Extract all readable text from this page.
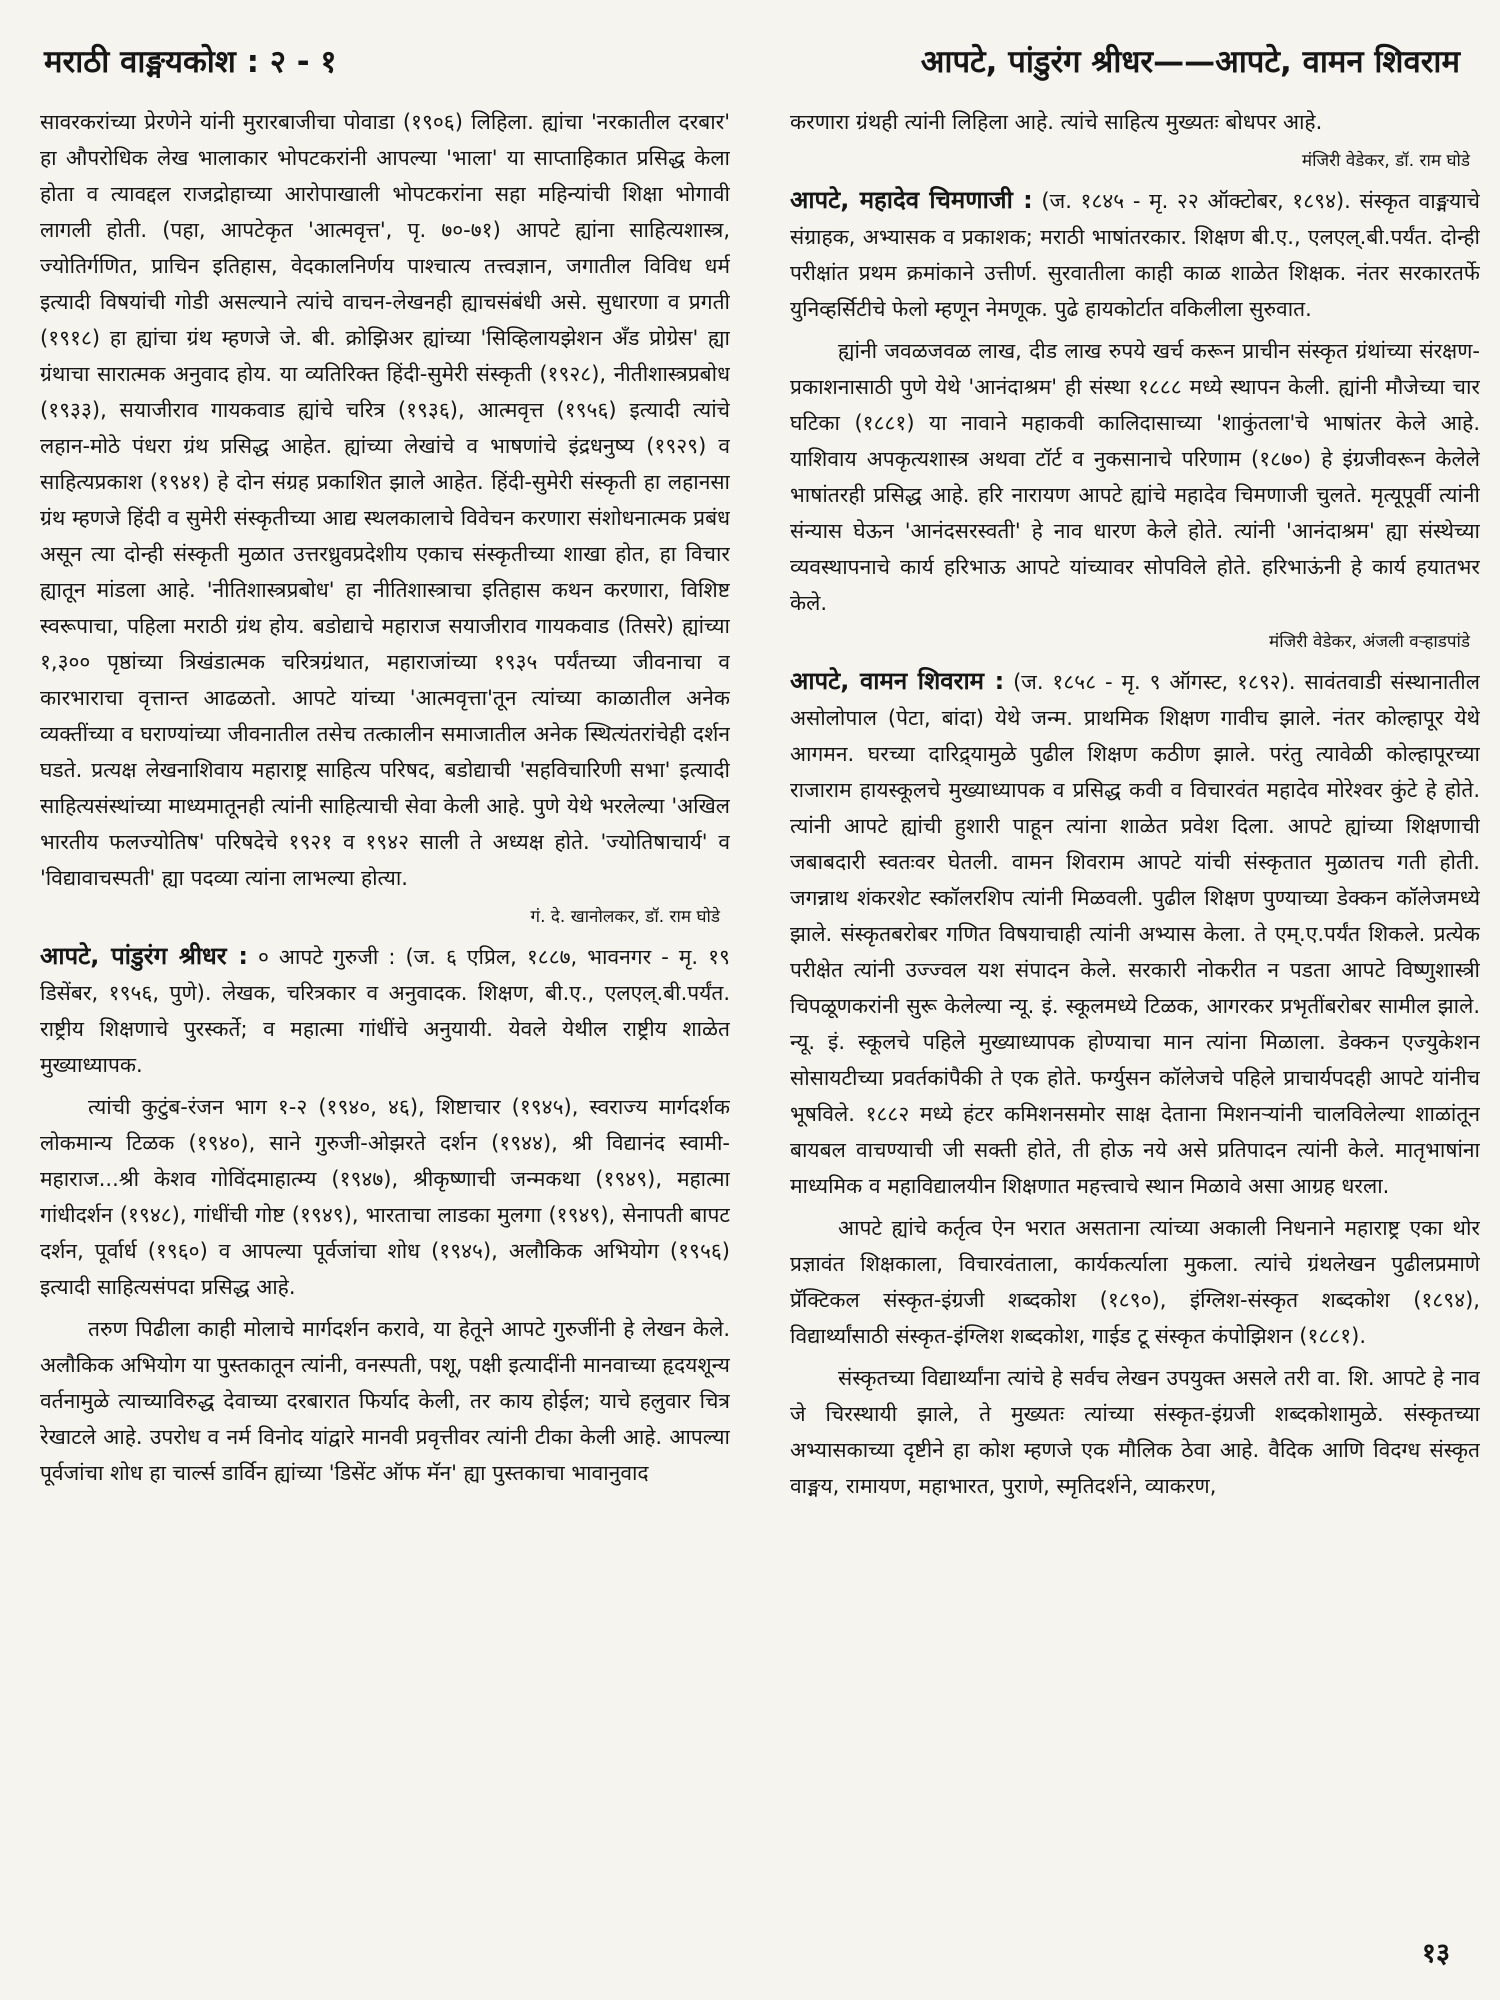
मराठी वाङ्मयकोश : २ - १	आपटे, पांडुरंग श्रीधर——आपटे, वामन शिवराम

सावरकरांच्या प्रेरणेने यांनी मुरारबाजीचा पोवाडा (१९०६) लिहिला. ह्यांचा 'नरकातील दरबार' हा औपरोधिक लेख भालाकार भोपटकरांनी आपल्या 'भाला' या साप्ताहिकात प्रसिद्ध केला होता व त्यावद्दल राजद्रोहाच्या आरोपाखाली भोपटकरांना सहा महिन्यांची शिक्षा भोगावी लागली होती. (पहा, आपटेकृत 'आत्मवृत्त', पृ. ७०-७१) आपटे ह्यांना साहित्यशास्त्र, ज्योतिर्गणित, प्राचिन इतिहास, वेदकालनिर्णय पाश्चात्य तत्त्वज्ञान, जगातील विविध धर्म इत्यादी विषयांची गोडी असल्याने त्यांचे वाचन-लेखनही ह्याचसंबंधी असे. सुधारणा व प्रगती (१९१८) हा ह्यांचा ग्रंथ म्हणजे जे. बी. क्रोझिअर ह्यांच्या 'सिव्हिलायझेशन ॲंड प्रोग्रेस' ह्या ग्रंथाचा सारात्मक अनुवाद होय. या व्यतिरिक्त हिंदी-सुमेरी संस्कृती (१९२८), नीतीशास्त्रप्रबोध (१९३३), सयाजीराव गायकवाड ह्यांचे चरित्र (१९३६), आत्मवृत्त (१९५६) इत्यादी त्यांचे लहान-मोठे पंधरा ग्रंथ प्रसिद्ध आहेत. ह्यांच्या लेखांचे व भाषणांचे इंद्रधनुष्य (१९२९) व साहित्यप्रकाश (१९४१) हे दोन संग्रह प्रकाशित झाले आहेत. हिंदी-सुमेरी संस्कृती हा लहानसा ग्रंथ म्हणजे हिंदी व सुमेरी संस्कृतीच्या आद्य स्थलकालाचे विवेचन करणारा संशोधनात्मक प्रबंध असून त्या दोन्ही संस्कृती मुळात उत्तरध्रुवप्रदेशीय एकाच संस्कृतीच्या शाखा होत, हा विचार ह्यातून मांडला आहे. 'नीतिशास्त्रप्रबोध' हा नीतिशास्त्राचा इतिहास कथन करणारा, विशिष्ट स्वरूपाचा, पहिला मराठी ग्रंथ होय. बडोद्याचे महाराज सयाजीराव गायकवाड (तिसरे) ह्यांच्या १,३०० पृष्ठांच्या त्रिखंडात्मक चरित्रग्रंथात, महाराजांच्या १९३५ पर्यंतच्या जीवनाचा व कारभाराचा वृत्तान्त आढळतो. आपटे यांच्या 'आत्मवृत्ता'तून त्यांच्या काळातील अनेक व्यक्तींच्या व घराण्यांच्या जीवनातील तसेच तत्कालीन समाजातील अनेक स्थित्यंतरांचेही दर्शन घडते. प्रत्यक्ष लेखनाशिवाय महाराष्ट्र साहित्य परिषद, बडोद्याची 'सहविचारिणी सभा' इत्यादी साहित्यसंस्थांच्या माध्यमातूनही त्यांनी साहित्याची सेवा केली आहे. पुणे येथे भरलेल्या 'अखिल भारतीय फलज्योतिष' परिषदेचे १९२१ व १९४२ साली ते अध्यक्ष होते. 'ज्योतिषाचार्य' व 'विद्यावाचस्पती' ह्या पदव्या त्यांना लाभल्या होत्या.

गं. दे. खानोलकर, डॉ. राम घोडे

आपटे, पांडुरंग श्रीधर : ० आपटे गुरुजी : (ज. ६ एप्रिल, १८८७, भावनगर - मृ. १९ डिसेंबर, १९५६, पुणे). लेखक, चरित्रकार व अनुवादक. शिक्षण, बी.ए., एलएल्.बी.पर्यंत. राष्ट्रीय शिक्षणाचे पुरस्कर्ते; व महात्मा गांधींचे अनुयायी. येवले येथील राष्ट्रीय शाळेत मुख्याध्यापक.

त्यांची कुटुंब-रंजन भाग १-२ (१९४०, ४६), शिष्टाचार (१९४५), स्वराज्य मार्गदर्शक लोकमान्य टिळक (१९४०), साने गुरुजी-ओझरते दर्शन (१९४४), श्री विद्यानंद स्वामी-महाराज...श्री केशव गोविंदमाहात्म्य (१९४७), श्रीकृष्णाची जन्मकथा (१९४९), महात्मा गांधीदर्शन (१९४८), गांधींची गोष्ट (१९४९), भारताचा लाडका मुलगा (१९४९), सेनापती बापट दर्शन, पूर्वार्ध (१९६०) व आपल्या पूर्वजांचा शोध (१९४५), अलौकिक अभियोग (१९५६) इत्यादी साहित्यसंपदा प्रसिद्ध आहे.

तरुण पिढीला काही मोलाचे मार्गदर्शन करावे, या हेतूने आपटे गुरुजींनी हे लेखन केले. अलौकिक अभियोग या पुस्तकातून त्यांनी, वनस्पती, पशू, पक्षी इत्यादींनी मानवाच्या हृदयशून्य वर्तनामुळे त्याच्याविरुद्ध देवाच्या दरबारात फिर्याद केली, तर काय होईल; याचे हलुवार चित्र रेखाटले आहे. उपरोध व नर्म विनोद यांद्वारे मानवी प्रवृत्तीवर त्यांनी टीका केली आहे. आपल्या पूर्वजांचा शोध हा चार्ल्स डार्विन ह्यांच्या 'डिसेंट ऑफ मॅन' ह्या पुस्तकाचा भावानुवाद

करणारा ग्रंथही त्यांनी लिहिला आहे. त्यांचे साहित्य मुख्यतः बोधपर आहे.

मंजिरी वेडेकर, डॉ. राम घोडे

आपटे, महादेव चिमणाजी : (ज. १८४५ - मृ. २२ ऑक्टोबर, १८९४). संस्कृत वाङ्मयाचे संग्राहक, अभ्यासक व प्रकाशक; मराठी भाषांतरकार. शिक्षण बी.ए., एलएल्.बी.पर्यंत. दोन्ही परीक्षांत प्रथम क्रमांकाने उत्तीर्ण. सुरवातीला काही काळ शाळेत शिक्षक. नंतर सरकारतर्फे युनिव्हर्सिटीचे फेलो म्हणून नेमणूक. पुढे हायकोर्टात वकिलीला सुरुवात.

ह्यांनी जवळजवळ लाख, दीड लाख रुपये खर्च करून प्राचीन संस्कृत ग्रंथांच्या संरक्षण-प्रकाशनासाठी पुणे येथे 'आनंदाश्रम' ही संस्था १८८८ मध्ये स्थापन केली. ह्यांनी मौजेच्या चार घटिका (१८८१) या नावाने महाकवी कालिदासाच्या 'शाकुंतला'चे भाषांतर केले आहे. याशिवाय अपकृत्यशास्त्र अथवा टॉर्ट व नुकसानाचे परिणाम (१८७०) हे इंग्रजीवरून केलेले भाषांतरही प्रसिद्ध आहे. हरि नारायण आपटे ह्यांचे महादेव चिमणाजी चुलते. मृत्यूपूर्वी त्यांनी संन्यास घेऊन 'आनंदसरस्वती' हे नाव धारण केले होते. त्यांनी 'आनंदाश्रम' ह्या संस्थेच्या व्यवस्थापनाचे कार्य हरिभाऊ आपटे यांच्यावर सोपविले होते. हरिभाऊंनी हे कार्य हयातभर केले.

मंजिरी वेडेकर, अंजली वऱ्हाडपांडे

आपटे, वामन शिवराम : (ज. १८५८ - मृ. ९ ऑगस्ट, १८९२). सावंतवाडी संस्थानातील असोलोपाल (पेटा, बांदा) येथे जन्म. प्राथमिक शिक्षण गावीच झाले. नंतर कोल्हापूर येथे आगमन. घरच्या दारिद्र्यामुळे पुढील शिक्षण कठीण झाले. परंतु त्यावेळी कोल्हापूरच्या राजाराम हायस्कूलचे मुख्याध्यापक व प्रसिद्ध कवी व विचारवंत महादेव मोरेश्वर कुंटे हे होते. त्यांनी आपटे ह्यांची हुशारी पाहून त्यांना शाळेत प्रवेश दिला. आपटे ह्यांच्या शिक्षणाची जबाबदारी स्वतःवर घेतली. वामन शिवराम आपटे यांची संस्कृतात मुळातच गती होती. जगन्नाथ शंकरशेट स्कॉलरशिप त्यांनी मिळवली. पुढील शिक्षण पुण्याच्या डेक्कन कॉलेजमध्ये झाले. संस्कृतबरोबर गणित विषयाचाही त्यांनी अभ्यास केला. ते एम्.ए.पर्यंत शिकले. प्रत्येक परीक्षेत त्यांनी उज्ज्वल यश संपादन केले. सरकारी नोकरीत न पडता आपटे विष्णुशास्त्री चिपळूणकरांनी सुरू केलेल्या न्यू. इं. स्कूलमध्ये टिळक, आगरकर प्रभृतींबरोबर सामील झाले. न्यू. इं. स्कूलचे पहिले मुख्याध्यापक होण्याचा मान त्यांना मिळाला. डेक्कन एज्युकेशन सोसायटीच्या प्रवर्तकांपैकी ते एक होते. फर्ग्युसन कॉलेजचे पहिले प्राचार्यपदही आपटे यांनीच भूषविले. १८८२ मध्ये हंटर कमिशनसमोर साक्ष देताना मिशनऱ्यांनी चालविलेल्या शाळांतून बायबल वाचण्याची जी सक्ती होते, ती होऊ नये असे प्रतिपादन त्यांनी केले. मातृभाषांना माध्यमिक व महाविद्यालयीन शिक्षणात महत्त्वाचे स्थान मिळावे असा आग्रह धरला.

आपटे ह्यांचे कर्तृत्व ऐन भरात असताना त्यांच्या अकाली निधनाने महाराष्ट्र एका थोर प्रज्ञावंत शिक्षकाला, विचारवंताला, कार्यकर्त्याला मुकला. त्यांचे ग्रंथलेखन पुढीलप्रमाणे प्रॅक्टिकल संस्कृत-इंग्रजी शब्दकोश (१८९०), इंग्लिश-संस्कृत शब्दकोश (१८९४), विद्यार्थ्यांसाठी संस्कृत-इंग्लिश शब्दकोश, गाईड टू संस्कृत कंपोझिशन (१८८१).

संस्कृतच्या विद्यार्थ्यांना त्यांचे हे सर्वच लेखन उपयुक्त असले तरी वा. शि. आपटे हे नाव जे चिरस्थायी झाले, ते मुख्यतः त्यांच्या संस्कृत-इंग्रजी शब्दकोशामुळे. संस्कृतच्या अभ्यासकाच्या दृष्टीने हा कोश म्हणजे एक मौलिक ठेवा आहे. वैदिक आणि विदग्ध संस्कृत वाङ्मय, रामायण, महाभारत, पुराणे, स्मृतिदर्शने, व्याकरण,

१३
